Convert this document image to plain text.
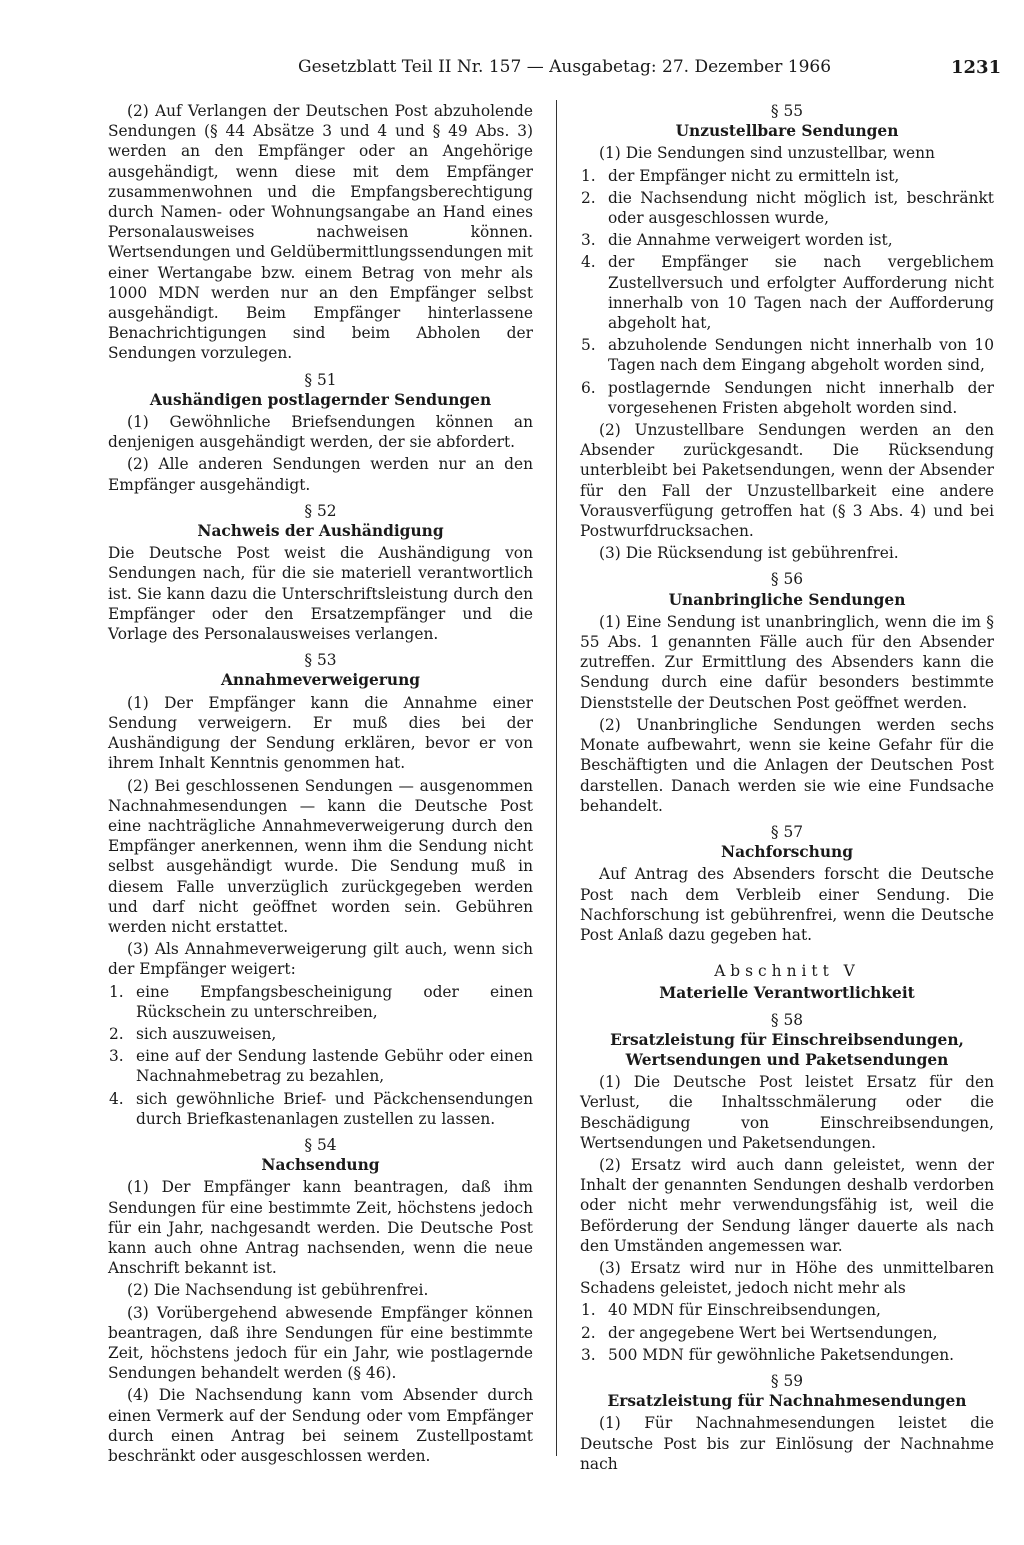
Gesetzblatt Teil II Nr. 157 — Ausgabetag: 27. Dezember 1966	1231

(2) Auf Verlangen der Deutschen Post abzuholende Sendungen (§ 44 Absätze 3 und 4 und § 49 Abs. 3) werden an den Empfänger oder an Angehörige ausgehändigt, wenn diese mit dem Empfänger zusammenwohnen und die Empfangsberechtigung durch Namen- oder Wohnungsangabe an Hand eines Personalausweises nachweisen können. Wertsendungen und Geldübermittlungssendungen mit einer Wertangabe bzw. einem Betrag von mehr als 1000 MDN werden nur an den Empfänger selbst ausgehändigt. Beim Empfänger hinterlassene Benachrichtigungen sind beim Abholen der Sendungen vorzulegen.

§ 51
Aushändigen postlagernder Sendungen

(1) Gewöhnliche Briefsendungen können an denjenigen ausgehändigt werden, der sie abfordert.

(2) Alle anderen Sendungen werden nur an den Empfänger ausgehändigt.

§ 52
Nachweis der Aushändigung

Die Deutsche Post weist die Aushändigung von Sendungen nach, für die sie materiell verantwortlich ist. Sie kann dazu die Unterschriftsleistung durch den Empfänger oder den Ersatzempfänger und die Vorlage des Personalausweises verlangen.

§ 53
Annahmeverweigerung

(1) Der Empfänger kann die Annahme einer Sendung verweigern. Er muß dies bei der Aushändigung der Sendung erklären, bevor er von ihrem Inhalt Kenntnis genommen hat.

(2) Bei geschlossenen Sendungen — ausgenommen Nachnahmesendungen — kann die Deutsche Post eine nachträgliche Annahmeverweigerung durch den Empfänger anerkennen, wenn ihm die Sendung nicht selbst ausgehändigt wurde. Die Sendung muß in diesem Falle unverzüglich zurückgegeben werden und darf nicht geöffnet worden sein. Gebühren werden nicht erstattet.

(3) Als Annahmeverweigerung gilt auch, wenn sich der Empfänger weigert:

1. eine Empfangsbescheinigung oder einen Rückschein zu unterschreiben,
2. sich auszuweisen,
3. eine auf der Sendung lastende Gebühr oder einen Nachnahmebetrag zu bezahlen,
4. sich gewöhnliche Brief- und Päckchensendungen durch Briefkastenanlagen zustellen zu lassen.
§ 54
Nachsendung

(1) Der Empfänger kann beantragen, daß ihm Sendungen für eine bestimmte Zeit, höchstens jedoch für ein Jahr, nachgesandt werden. Die Deutsche Post kann auch ohne Antrag nachsenden, wenn die neue Anschrift bekannt ist.

(2) Die Nachsendung ist gebührenfrei.

(3) Vorübergehend abwesende Empfänger können beantragen, daß ihre Sendungen für eine bestimmte Zeit, höchstens jedoch für ein Jahr, wie postlagernde Sendungen behandelt werden (§ 46).

(4) Die Nachsendung kann vom Absender durch einen Vermerk auf der Sendung oder vom Empfänger durch einen Antrag bei seinem Zustellpostamt beschränkt oder ausgeschlossen werden.

§ 55
Unzustellbare Sendungen

(1) Die Sendungen sind unzustellbar, wenn

1. der Empfänger nicht zu ermitteln ist,
2. die Nachsendung nicht möglich ist, beschränkt oder ausgeschlossen wurde,
3. die Annahme verweigert worden ist,
4. der Empfänger sie nach vergeblichem Zustellversuch und erfolgter Aufforderung nicht innerhalb von 10 Tagen nach der Aufforderung abgeholt hat,
5. abzuholende Sendungen nicht innerhalb von 10 Tagen nach dem Eingang abgeholt worden sind,
6. postlagernde Sendungen nicht innerhalb der vorgesehenen Fristen abgeholt worden sind.

(2) Unzustellbare Sendungen werden an den Absender zurückgesandt. Die Rücksendung unterbleibt bei Paketsendungen, wenn der Absender für den Fall der Unzustellbarkeit eine andere Vorausverfügung getroffen hat (§ 3 Abs. 4) und bei Postwurfdrucksachen.

(3) Die Rücksendung ist gebührenfrei.

§ 56
Unanbringliche Sendungen

(1) Eine Sendung ist unanbringlich, wenn die im § 55 Abs. 1 genannten Fälle auch für den Absender zutreffen. Zur Ermittlung des Absenders kann die Sendung durch eine dafür besonders bestimmte Dienststelle der Deutschen Post geöffnet werden.

(2) Unanbringliche Sendungen werden sechs Monate aufbewahrt, wenn sie keine Gefahr für die Beschäftigten und die Anlagen der Deutschen Post darstellen. Danach werden sie wie eine Fundsache behandelt.

§ 57
Nachforschung

Auf Antrag des Absenders forscht die Deutsche Post nach dem Verbleib einer Sendung. Die Nachforschung ist gebührenfrei, wenn die Deutsche Post Anlaß dazu gegeben hat.

Abschnitt V
Materielle Verantwortlichkeit
§ 58
Ersatzleistung für Einschreibsendungen,
Wertsendungen und Paketsendungen

(1) Die Deutsche Post leistet Ersatz für den Verlust, die Inhaltsschmälerung oder die Beschädigung von Einschreibsendungen, Wertsendungen und Paketsendungen.

(2) Ersatz wird auch dann geleistet, wenn der Inhalt der genannten Sendungen deshalb verdorben oder nicht mehr verwendungsfähig ist, weil die Beförderung der Sendung länger dauerte als nach den Umständen angemessen war.

(3) Ersatz wird nur in Höhe des unmittelbaren Schadens geleistet, jedoch nicht mehr als

1. 40 MDN für Einschreibsendungen,
2. der angegebene Wert bei Wertsendungen,
3. 500 MDN für gewöhnliche Paketsendungen.
§ 59
Ersatzleistung für Nachnahmesendungen

(1) Für Nachnahmesendungen leistet die Deutsche Post bis zur Einlösung der Nachnahme nach
